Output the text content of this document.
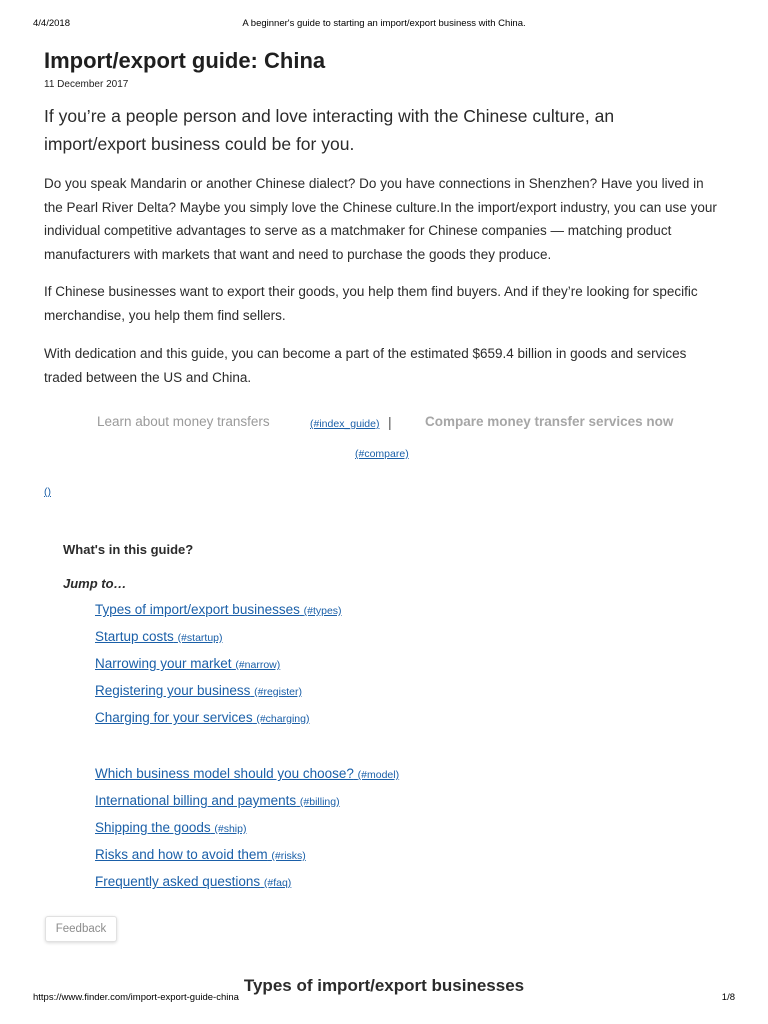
4/4/2018	A beginner's guide to starting an import/export business with China.
Import/export guide: China
11 December 2017
If you’re a people person and love interacting with the Chinese culture, an import/export business could be for you.

Do you speak Mandarin or another Chinese dialect? Do you have connections in Shenzhen? Have you lived in the Pearl River Delta? Maybe you simply love the Chinese culture.In the import/export industry, you can use your individual competitive advantages to serve as a matchmaker for Chinese companies — matching product manufacturers with markets that want and need to purchase the goods they produce.

If Chinese businesses want to export their goods, you help them find buyers. And if they’re looking for specific merchandise, you help them find sellers.

With dedication and this guide, you can become a part of the estimated $659.4 billion in goods and services traded between the US and China.

Learn about money transfers	(#index_guide) | Compare money transfer services now
(#compare)
()
What's in this guide?
Jump to…
Types of import/export businesses (#types)
Startup costs (#startup)
Narrowing your market (#narrow)
Registering your business (#register)
Charging for your services (#charging)
Which business model should you choose? (#model)
International billing and payments (#billing)
Shipping the goods (#ship)
Risks and how to avoid them (#risks)
Frequently asked questions (#faq)
Feedback
Types of import/export businesses
https://www.finder.com/import-export-guide-china	1/8
